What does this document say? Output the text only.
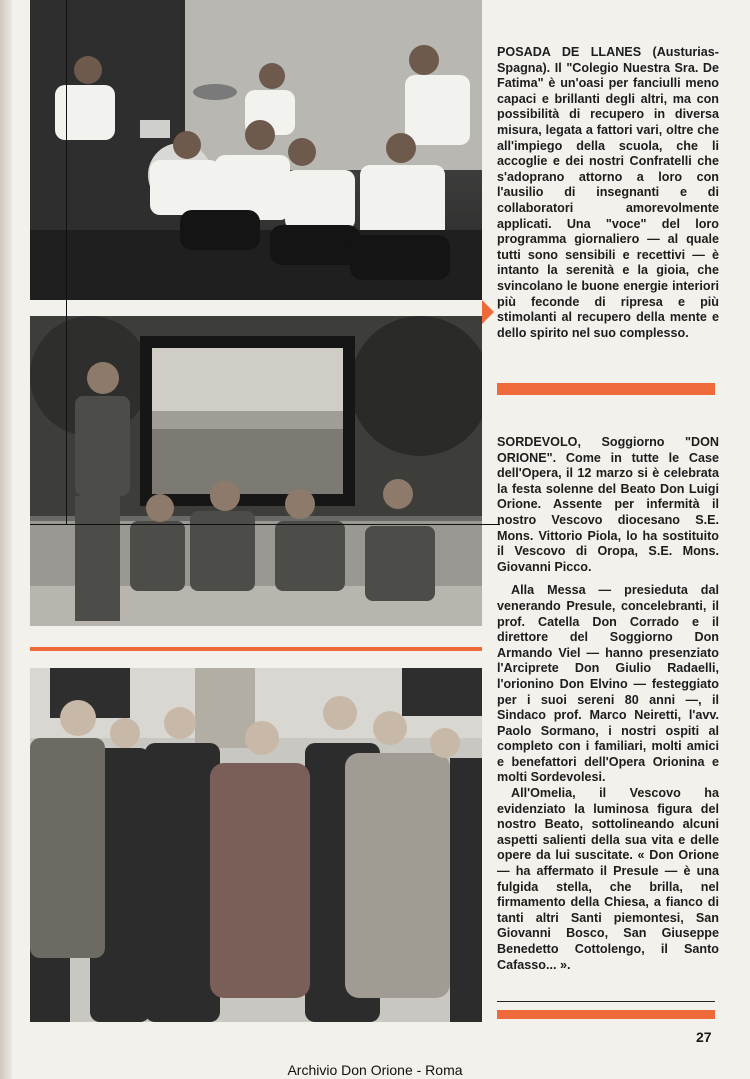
POSADA DE LLANES (Austurias-Spagna). Il "Colegio Nuestra Sra. De Fatima" è un'oasi per fanciulli meno capaci e brillanti degli altri, ma con possibilità di recupero in diversa misura, legata a fattori vari, oltre che all'impiego della scuola, che li accoglie e dei nostri Confratelli che s'adoprano attorno a loro con l'ausilio di insegnanti e di collaboratori amorevolmente applicati. Una "voce" del loro programma giornaliero — al quale tutti sono sensibili e recettivi — è intanto la serenità e la gioia, che svincolano le buone energie interiori più feconde di ripresa e più stimolanti al recupero della mente e dello spirito nel suo complesso.

SORDEVOLO, Soggiorno "DON ORIONE". Come in tutte le Case dell'Opera, il 12 marzo si è celebrata la festa solenne del Beato Don Luigi Orione. Assente per infermità il nostro Vescovo diocesano S.E. Mons. Vittorio Piola, lo ha sostituito il Vescovo di Oropa, S.E. Mons. Giovanni Picco.

Alla Messa — presieduta dal venerando Presule, concelebranti, il prof. Catella Don Corrado e il direttore del Soggiorno Don Armando Viel — hanno presenziato l'Arciprete Don Giulio Radaelli, l'orionino Don Elvino — festeggiato per i suoi sereni 80 anni —, il Sindaco prof. Marco Neiretti, l'avv. Paolo Sormano, i nostri ospiti al completo con i familiari, molti amici e benefattori dell'Opera Orionina e molti Sordevolesi.

All'Omelia, il Vescovo ha evidenziato la luminosa figura del nostro Beato, sottolineando alcuni aspetti salienti della sua vita e delle opere da lui suscitate. « Don Orione — ha affermato il Presule — è una fulgida stella, che brilla, nel firmamento della Chiesa, a fianco di tanti altri Santi piemontesi, San Giovanni Bosco, San Giuseppe Benedetto Cottolengo, il Santo Cafasso... ».

27
Archivio Don Orione - Roma
